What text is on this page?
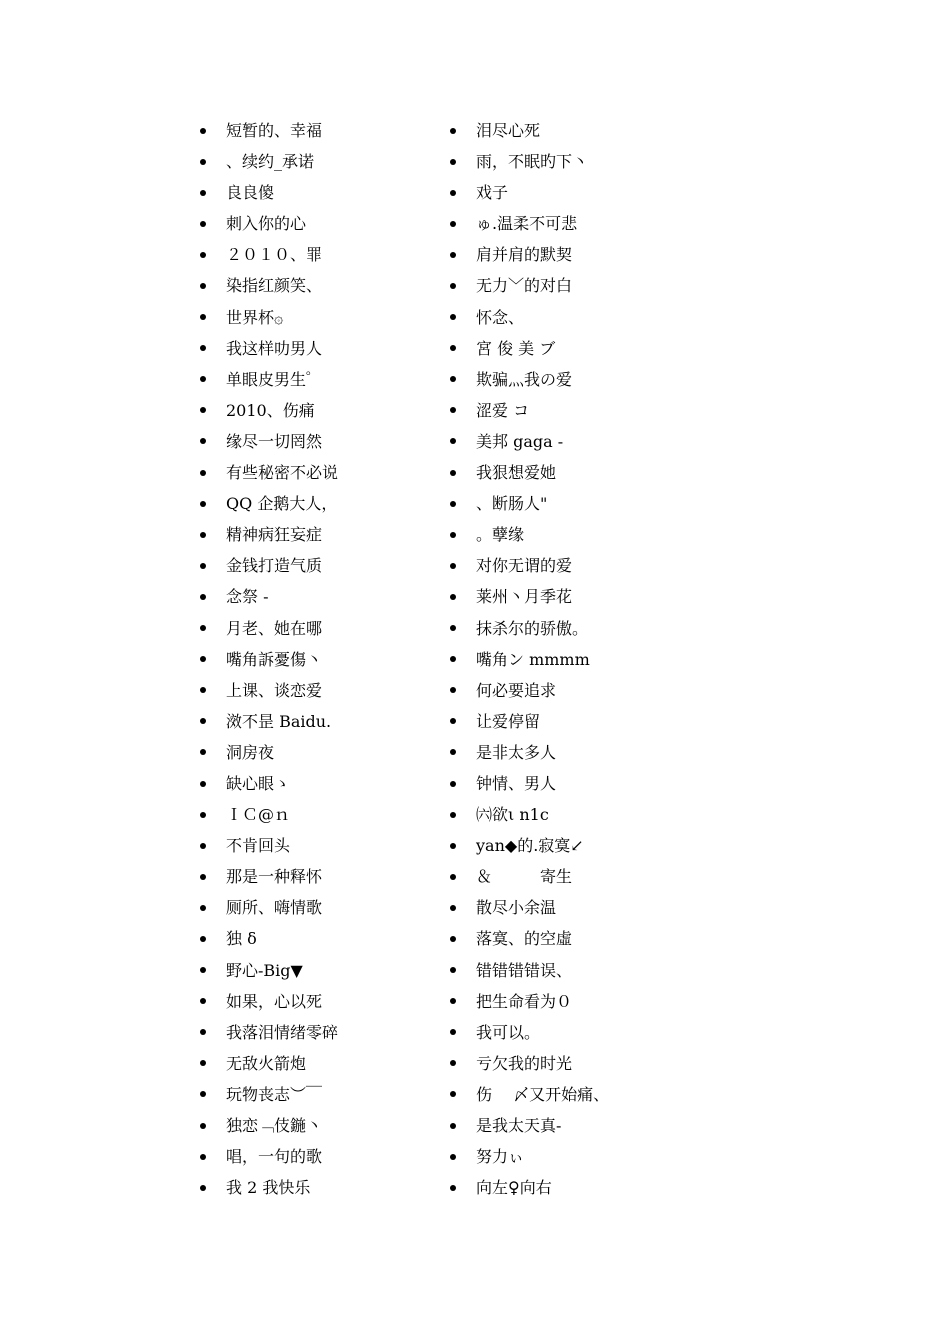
短暂的、幸福
、续约_承诺
良良傻
刺入你的心
２０１０、罪
染指红颜笑、
世界杯۞
我这样叻男人
单眼皮男生゜
2010、伤痛
缘尽一切罔然
有些秘密不必说
QQ 企鹅大人，
精神病狂妄症
金钱打造气质
念祭 -
月老、她在哪
嘴角訴憂傷丶
上课、谈恋爱
滧不昰 Baidu.
洞房夜
缺心眼ゝ
ＩＣ@ｎ
不肯回头
那是一种释怀
厕所、嗨情歌
独 δ
野心-Big▼
如果，心以死
我落泪情绪零碎
无敌火箭炮
玩物丧志︶￣
独恋﹁伎鍦丶
唱，一句的歌
我 2 我快乐
泪尽心死
雨，不眠旳下丶
戏子
ゅ.温柔不可悲
肩并肩的默契
无力﹀的对白
怀念、
宮 俊 美 ブ
欺骗灬我の爱
涩爱 コ
美邦 gaga -
我狠想爱她
、断肠人"
。孽缘
对你无谓的爱
莱州丶月季花
抹杀尔的骄傲。
嘴角ン mmmm
何必要追求
让爱停留
是非太多人
钟情、男人
㈥欲ι n1c
yan◆的.寂寞↙
＆　　　寄生
散尽小余温
落寞、的空虛
错错错错误、
把生命看为０
我可以。
亏欠我的时光
伤　 〆又开始痛、
是我太天真-
努力ぃ
向左♀向右
